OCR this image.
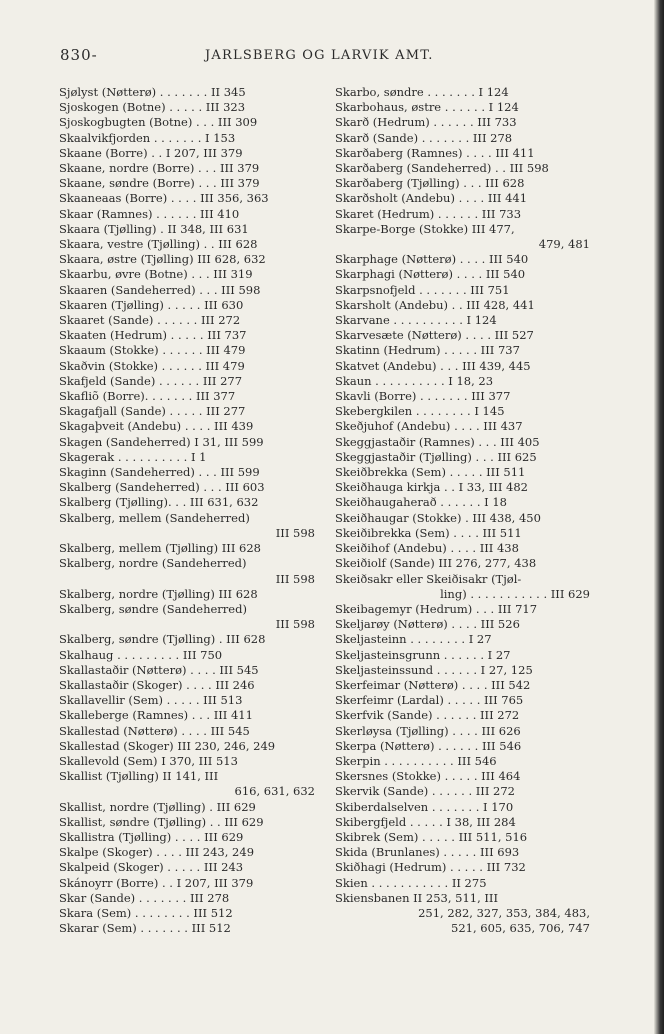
830-	JARLSBERG OG LARVIK AMT.
Sjølyst (Nøtterø) . . . . . . . II 345
Sjoskogen (Botne) . . . . . III 323
Sjoskogbugten (Botne) . . . III 309
Skaalvikfjorden . . . . . . . I 153
Skaane (Borre) . . I 207, III 379
Skaane, nordre (Borre) . . . III 379
Skaane, søndre (Borre) . . . III 379
Skaaneaas (Borre) . . . . III 356, 363
Skaar (Ramnes) . . . . . . III 410
Skaara (Tjølling) . II 348, III 631
Skaara, vestre (Tjølling) . . III 628
Skaara, østre (Tjølling) III 628, 632
Skaarbu, øvre (Botne) . . . III 319
Skaaren (Sandeherred) . . . III 598
Skaaren (Tjølling) . . . . . III 630
Skaaret (Sande) . . . . . . III 272
Skaaten (Hedrum) . . . . . III 737
Skaaum (Stokke) . . . . . . III 479
Skaðvin (Stokke) . . . . . . III 479
Skafjeld (Sande) . . . . . . III 277
Skafliõ (Borre). . . . . . . III 377
Skagafjall (Sande) . . . . . III 277
Skagaþveit (Andebu) . . . . III 439
Skagen (Sandeherred) I 31, III 599
Skagerak . . . . . . . . . . I 1
Skaginn (Sandeherred) . . . III 599
Skalberg (Sandeherred) . . . III 603
Skalberg (Tjølling). . . III 631, 632
Skalberg, mellem (Sandeherred)
III 598
Skalberg, mellem (Tjølling) III 628
Skalberg, nordre (Sandeherred)
III 598
Skalberg, nordre (Tjølling) III 628
Skalberg, søndre (Sandeherred)
III 598
Skalberg, søndre (Tjølling) . III 628
Skalhaug . . . . . . . . . III 750
Skallastaðir (Nøtterø) . . . . III 545
Skallastaðir (Skoger) . . . . III 246
Skallavellir (Sem) . . . . . III 513
Skalleberge (Ramnes) . . . III 411
Skallestad (Nøtterø) . . . . III 545
Skallestad (Skoger) III 230, 246, 249
Skallevold (Sem) I 370, III 513
Skallist (Tjølling) II 141, III
616, 631, 632
Skallist, nordre (Tjølling) . III 629
Skallist, søndre (Tjølling) . . III 629
Skallistra (Tjølling) . . . . III 629
Skalpe (Skoger) . . . . III 243, 249
Skalpeid (Skoger) . . . . . III 243
Skánoyrr (Borre) . . I 207, III 379
Skar (Sande) . . . . . . . III 278
Skara (Sem) . . . . . . . . III 512
Skarar (Sem) . . . . . . . III 512
Skarbo, søndre . . . . . . . I 124
Skarbohaus, østre . . . . . . I 124
Skarð (Hedrum) . . . . . . III 733
Skarð (Sande) . . . . . . . III 278
Skarðaberg (Ramnes) . . . . III 411
Skarðaberg (Sandeherred) . . III 598
Skarðaberg (Tjølling) . . . III 628
Skarðsholt (Andebu) . . . . III 441
Skaret (Hedrum) . . . . . . III 733
Skarpe-Borge (Stokke) III 477,
479, 481
Skarphage (Nøtterø) . . . . III 540
Skarphagi (Nøtterø) . . . . III 540
Skarpsnofjeld . . . . . . . III 751
Skarsholt (Andebu) . . III 428, 441
Skarvane . . . . . . . . . . I 124
Skarvesæte (Nøtterø) . . . . III 527
Skatinn (Hedrum) . . . . . III 737
Skatvet (Andebu) . . . III 439, 445
Skaun . . . . . . . . . . I 18, 23
Skavli (Borre) . . . . . . . III 377
Skebergkilen . . . . . . . . I 145
Skeðjuhof (Andebu) . . . . III 437
Skeggjastaðir (Ramnes) . . . III 405
Skeggjastaðir (Tjølling) . . . III 625
Skeiðbrekka (Sem) . . . . . III 511
Skeiðhauga kirkja . . I 33, III 482
Skeiðhaugaherað . . . . . . I 18
Skeiðhaugar (Stokke) . III 438, 450
Skeiðibrekka (Sem) . . . . III 511
Skeiðihof (Andebu) . . . . III 438
Skeiðiolf (Sande) III 276, 277, 438
Skeiðsakr eller Skeiðisakr (Tjøl-
ling) . . . . . . . . . . . III 629
Skeibagemyr (Hedrum) . . . III 717
Skeljarøy (Nøtterø) . . . . III 526
Skeljasteinn . . . . . . . . I 27
Skeljasteinsgrunn . . . . . . I 27
Skeljasteinssund . . . . . . I 27, 125
Skerfeimar (Nøtterø) . . . . III 542
Skerfeimr (Lardal) . . . . . III 765
Skerfvik (Sande) . . . . . . III 272
Skerløysa (Tjølling) . . . . III 626
Skerpa (Nøtterø) . . . . . . III 546
Skerpin . . . . . . . . . . III 546
Skersnes (Stokke) . . . . . III 464
Skervik (Sande) . . . . . . III 272
Skiberdalselven . . . . . . . I 170
Skibergfjeld . . . . . I 38, III 284
Skibrek (Sem) . . . . . III 511, 516
Skida (Brunlanes) . . . . . III 693
Skiðhagi (Hedrum) . . . . . III 732
Skien . . . . . . . . . . . II 275
Skiensbanen II 253, 511, III
251, 282, 327, 353, 384, 483,
521, 605, 635, 706, 747
